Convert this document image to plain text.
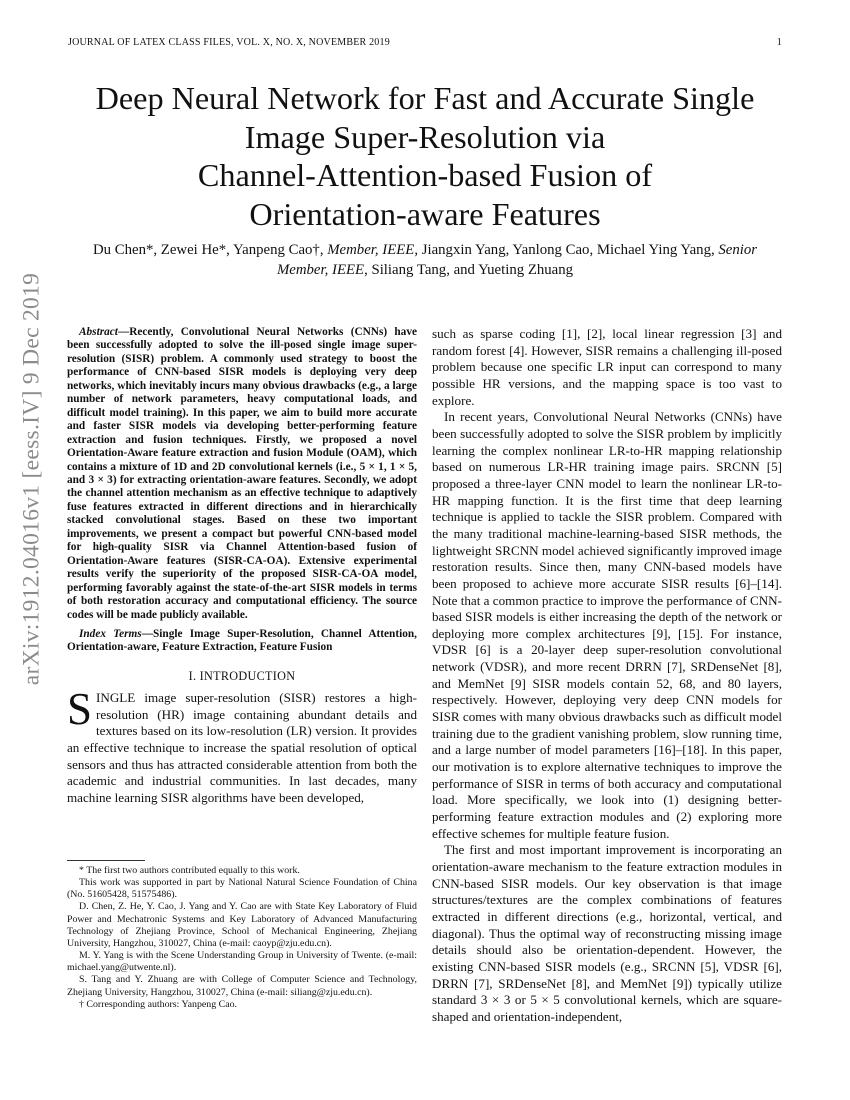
JOURNAL OF LATEX CLASS FILES, VOL. X, NO. X, NOVEMBER 2019	1
arXiv:1912.04016v1 [eess.IV] 9 Dec 2019
Deep Neural Network for Fast and Accurate Single
Image Super-Resolution via
Channel-Attention-based Fusion of
Orientation-aware Features
Du Chen*, Zewei He*, Yanpeng Cao†, Member, IEEE, Jiangxin Yang, Yanlong Cao, Michael Ying Yang, Senior
Member, IEEE, Siliang Tang, and Yueting Zhuang

Abstract—Recently, Convolutional Neural Networks (CNNs) have been successfully adopted to solve the ill-posed single image super-resolution (SISR) problem. A commonly used strategy to boost the performance of CNN-based SISR models is deploying very deep networks, which inevitably incurs many obvious drawbacks (e.g., a large number of network parameters, heavy computational loads, and difficult model training). In this paper, we aim to build more accurate and faster SISR models via developing better-performing feature extraction and fusion techniques. Firstly, we proposed a novel Orientation-Aware feature extraction and fusion Module (OAM), which contains a mixture of 1D and 2D convolutional kernels (i.e., 5 × 1, 1 × 5, and 3 × 3) for extracting orientation-aware features. Secondly, we adopt the channel attention mechanism as an effective technique to adaptively fuse features extracted in different directions and in hierarchically stacked convolutional stages. Based on these two important improvements, we present a compact but powerful CNN-based model for high-quality SISR via Channel Attention-based fusion of Orientation-Aware features (SISR-CA-OA). Extensive experimental results verify the superiority of the proposed SISR-CA-OA model, performing favorably against the state-of-the-art SISR models in terms of both restoration accuracy and computational efficiency. The source codes will be made publicly available.

Index Terms—Single Image Super-Resolution, Channel Attention, Orientation-aware, Feature Extraction, Feature Fusion

I. INTRODUCTION

SINGLE image super-resolution (SISR) restores a high-resolution (HR) image containing abundant details and textures based on its low-resolution (LR) version. It provides an effective technique to increase the spatial resolution of optical sensors and thus has attracted considerable attention from both the academic and industrial communities. In last decades, many machine learning SISR algorithms have been developed,

* The first two authors contributed equally to this work.

This work was supported in part by National Natural Science Foundation of China (No. 51605428, 51575486).

D. Chen, Z. He, Y. Cao, J. Yang and Y. Cao are with State Key Laboratory of Fluid Power and Mechatronic Systems and Key Laboratory of Advanced Manufacturing Technology of Zhejiang Province, School of Mechanical Engineering, Zhejiang University, Hangzhou, 310027, China (e-mail: caoyp@zju.edu.cn).

M. Y. Yang is with the Scene Understanding Group in University of Twente. (e-mail: michael.yang@utwente.nl).

S. Tang and Y. Zhuang are with College of Computer Science and Technology, Zhejiang University, Hangzhou, 310027, China (e-mail: siliang@zju.edu.cn).

† Corresponding authors: Yanpeng Cao.

such as sparse coding [1], [2], local linear regression [3] and random forest [4]. However, SISR remains a challenging ill-posed problem because one specific LR input can correspond to many possible HR versions, and the mapping space is too vast to explore.

In recent years, Convolutional Neural Networks (CNNs) have been successfully adopted to solve the SISR problem by implicitly learning the complex nonlinear LR-to-HR mapping relationship based on numerous LR-HR training image pairs. SRCNN [5] proposed a three-layer CNN model to learn the nonlinear LR-to-HR mapping function. It is the first time that deep learning technique is applied to tackle the SISR problem. Compared with the many traditional machine-learning-based SISR methods, the lightweight SRCNN model achieved significantly improved image restoration results. Since then, many CNN-based models have been proposed to achieve more accurate SISR results [6]–[14]. Note that a common practice to improve the performance of CNN-based SISR models is either increasing the depth of the network or deploying more complex architectures [9], [15]. For instance, VDSR [6] is a 20-layer deep super-resolution convolutional network (VDSR), and more recent DRRN [7], SRDenseNet [8], and MemNet [9] SISR models contain 52, 68, and 80 layers, respectively. However, deploying very deep CNN models for SISR comes with many obvious drawbacks such as difficult model training due to the gradient vanishing problem, slow running time, and a large number of model parameters [16]–[18]. In this paper, our motivation is to explore alternative techniques to improve the performance of SISR in terms of both accuracy and computational load. More specifically, we look into (1) designing better-performing feature extraction modules and (2) exploring more effective schemes for multiple feature fusion.

The first and most important improvement is incorporating an orientation-aware mechanism to the feature extraction modules in CNN-based SISR models. Our key observation is that image structures/textures are the complex combinations of features extracted in different directions (e.g., horizontal, vertical, and diagonal). Thus the optimal way of reconstructing missing image details should also be orientation-dependent. However, the existing CNN-based SISR models (e.g., SRCNN [5], VDSR [6], DRRN [7], SRDenseNet [8], and MemNet [9]) typically utilize standard 3 × 3 or 5 × 5 convolutional kernels, which are square-shaped and orientation-independent,
